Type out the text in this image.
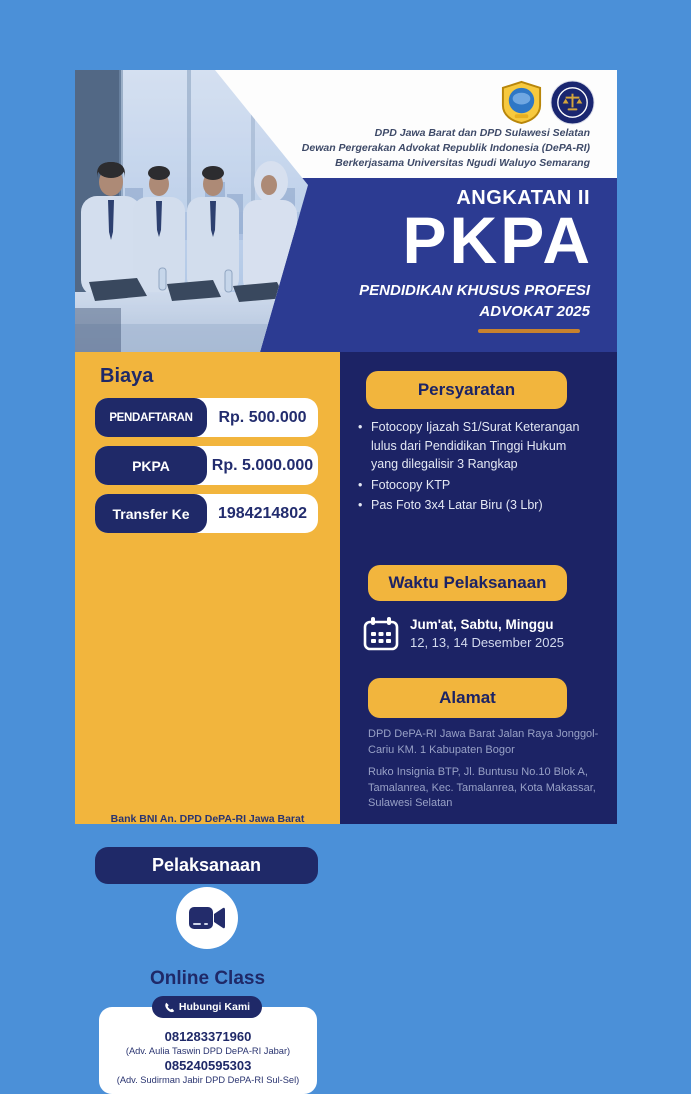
DPD Jawa Barat dan DPD Sulawesi Selatan
Dewan Pergerakan Advokat Republik Indonesia (DePA-RI)
Berkerjasama Universitas Ngudi Waluyo Semarang
ANGKATAN II
PKPA
PENDIDIKAN KHUSUS PROFESI
ADVOKAT 2025
Biaya
PENDAFTARAN	Rp. 500.000
PKPA	Rp. 5.000.000
Transfer Ke	1984214802
Bank BNI An. DPD DePA-RI Jawa Barat
Pelaksanaan
Online Class
Hubungi Kami
081283371960
(Adv. Aulia Taswin DPD DePA-RI Jabar)
085240595303
(Adv. Sudirman Jabir DPD DePA-RI Sul-Sel)
Persyaratan
• Fotocopy Ijazah S1/Surat Keterangan lulus dari Pendidikan Tinggi Hukum yang dilegalisir 3 Rangkap
• Fotocopy KTP
• Pas Foto 3x4 Latar Biru (3 Lbr)
Waktu Pelaksanaan
Jum'at, Sabtu, Minggu
12, 13, 14 Desember 2025
Alamat
DPD DePA-RI Jawa Barat Jalan Raya Jonggol-Cariu KM. 1 Kabupaten Bogor
Ruko Insignia BTP, Jl. Buntusu No.10 Blok A, Tamalanrea, Kec. Tamalanrea, Kota Makassar, Sulawesi Selatan
